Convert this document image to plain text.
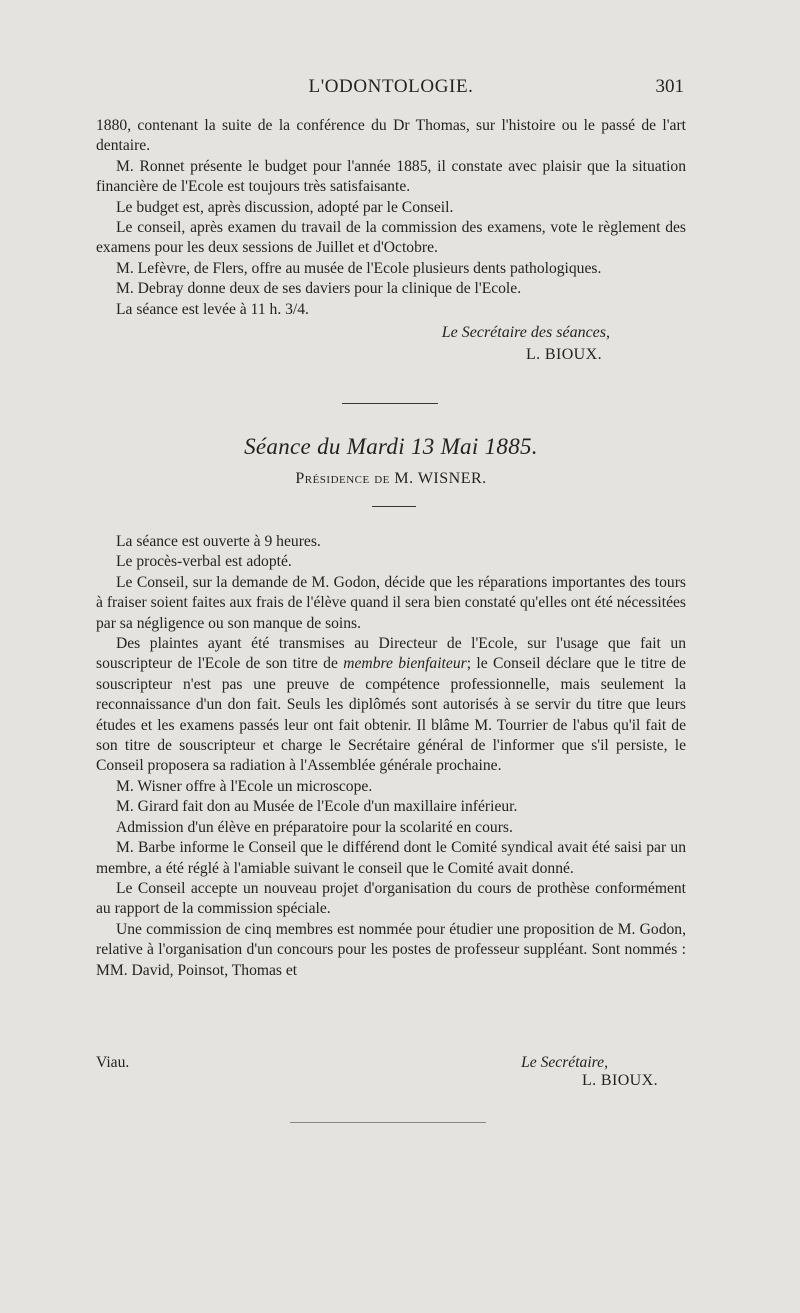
L'ODONTOLOGIE.	301

1880, contenant la suite de la conférence du Dr Thomas, sur l'histoire ou le passé de l'art dentaire.

M. Ronnet présente le budget pour l'année 1885, il constate avec plaisir que la situation financière de l'Ecole est toujours très satisfaisante.

Le budget est, après discussion, adopté par le Conseil.

Le conseil, après examen du travail de la commission des examens, vote le règlement des examens pour les deux sessions de Juillet et d'Octobre.

M. Lefèvre, de Flers, offre au musée de l'Ecole plusieurs dents pathologiques.

M. Debray donne deux de ses daviers pour la clinique de l'Ecole.

La séance est levée à 11 h. 3/4.

Le Secrétaire des séances,

L. BIOUX.

Séance du Mardi 13 Mai 1885.
Présidence de M. WISNER.

La séance est ouverte à 9 heures.

Le procès-verbal est adopté.

Le Conseil, sur la demande de M. Godon, décide que les réparations importantes des tours à fraiser soient faites aux frais de l'élève quand il sera bien constaté qu'elles ont été nécessitées par sa négligence ou son manque de soins.

Des plaintes ayant été transmises au Directeur de l'Ecole, sur l'usage que fait un souscripteur de l'Ecole de son titre de membre bienfaiteur; le Conseil déclare que le titre de souscripteur n'est pas une preuve de compétence professionnelle, mais seulement la reconnaissance d'un don fait. Seuls les diplômés sont autorisés à se servir du titre que leurs études et les examens passés leur ont fait obtenir. Il blâme M. Tourrier de l'abus qu'il fait de son titre de souscripteur et charge le Secrétaire général de l'informer que s'il persiste, le Conseil proposera sa radiation à l'Assemblée générale prochaine.

M. Wisner offre à l'Ecole un microscope.

M. Girard fait don au Musée de l'Ecole d'un maxillaire inférieur.

Admission d'un élève en préparatoire pour la scolarité en cours.

M. Barbe informe le Conseil que le différend dont le Comité syndical avait été saisi par un membre, a été réglé à l'amiable suivant le conseil que le Comité avait donné.

Le Conseil accepte un nouveau projet d'organisation du cours de prothèse conformément au rapport de la commission spéciale.

Une commission de cinq membres est nommée pour étudier une proposition de M. Godon, relative à l'organisation d'un concours pour les postes de professeur suppléant. Sont nommés : MM. David, Poinsot, Thomas et

Viau.	Le Secrétaire,
L. BIOUX.
